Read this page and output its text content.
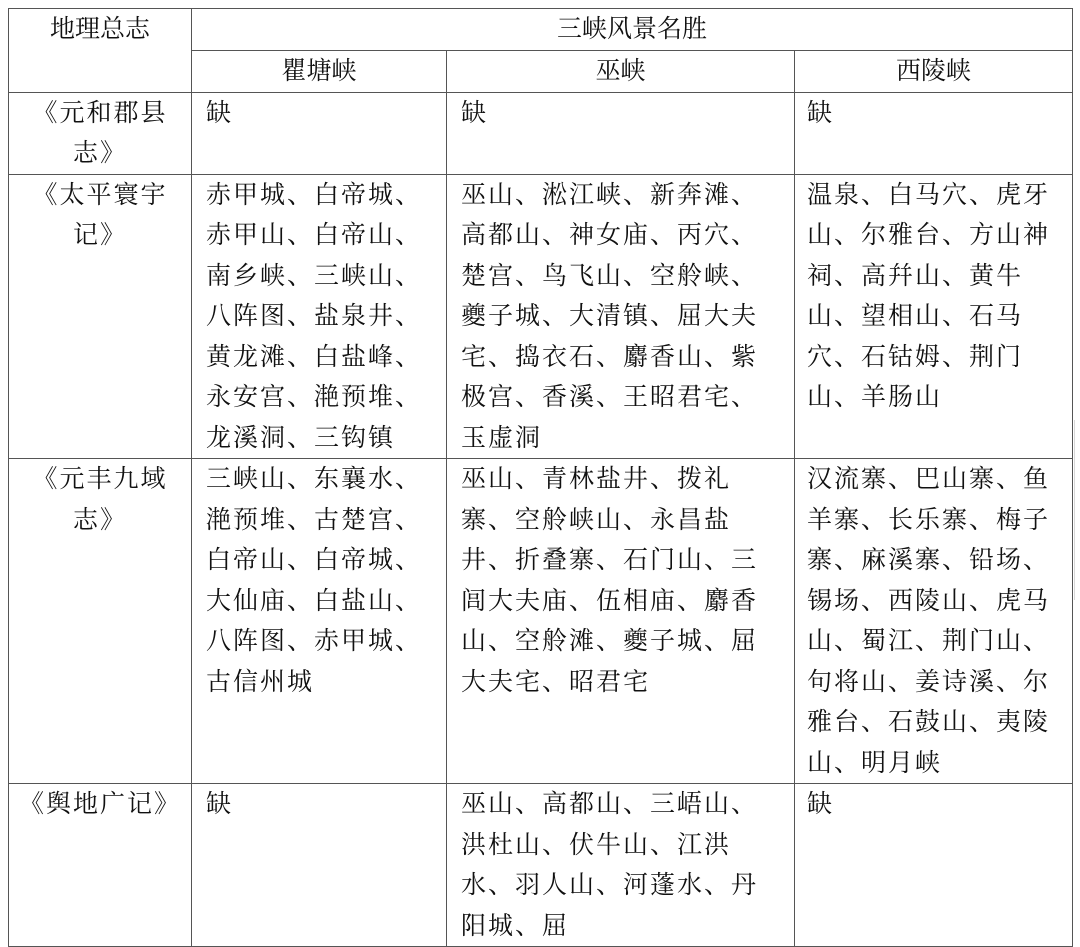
地理总志	三峡风景名胜		
	瞿塘峡	巫峡	西陵峡
《元和郡县志》	缺	缺	缺
《太平寰宇记》	赤甲城、白帝城、赤甲山、白帝山、南乡峡、三峡山、八阵图、盐泉井、黄龙滩、白盐峰、永安宫、滟预堆、龙溪洞、三钩镇	巫山、淞江峡、新奔滩、高都山、神女庙、丙穴、楚宫、鸟飞山、空舲峡、夔子城、大清镇、屈大夫宅、捣衣石、麝香山、紫极宫、香溪、王昭君宅、玉虚洞	温泉、白马穴、虎牙山、尔雅台、方山神祠、高幷山、黄牛山、望相山、石马穴、石钴姆、荆门山、羊肠山
《元丰九域志》	三峡山、东襄水、滟预堆、古楚宫、白帝山、白帝城、大仙庙、白盐山、八阵图、赤甲城、古信州城	巫山、青林盐井、拨礼寨、空舲峡山、永昌盐井、折叠寨、石门山、三闾大夫庙、伍相庙、麝香山、空舲滩、夔子城、屈大夫宅、昭君宅	汉流寨、巴山寨、鱼羊寨、长乐寨、梅子寨、麻溪寨、铅场、锡场、西陵山、虎马山、蜀江、荆门山、句将山、姜诗溪、尔雅台、石鼓山、夷陵山、明月峡
《舆地广记》	缺	巫山、高都山、三峿山、洪杜山、伏牛山、江洪水、羽人山、河蓬水、丹阳城、屈	缺
